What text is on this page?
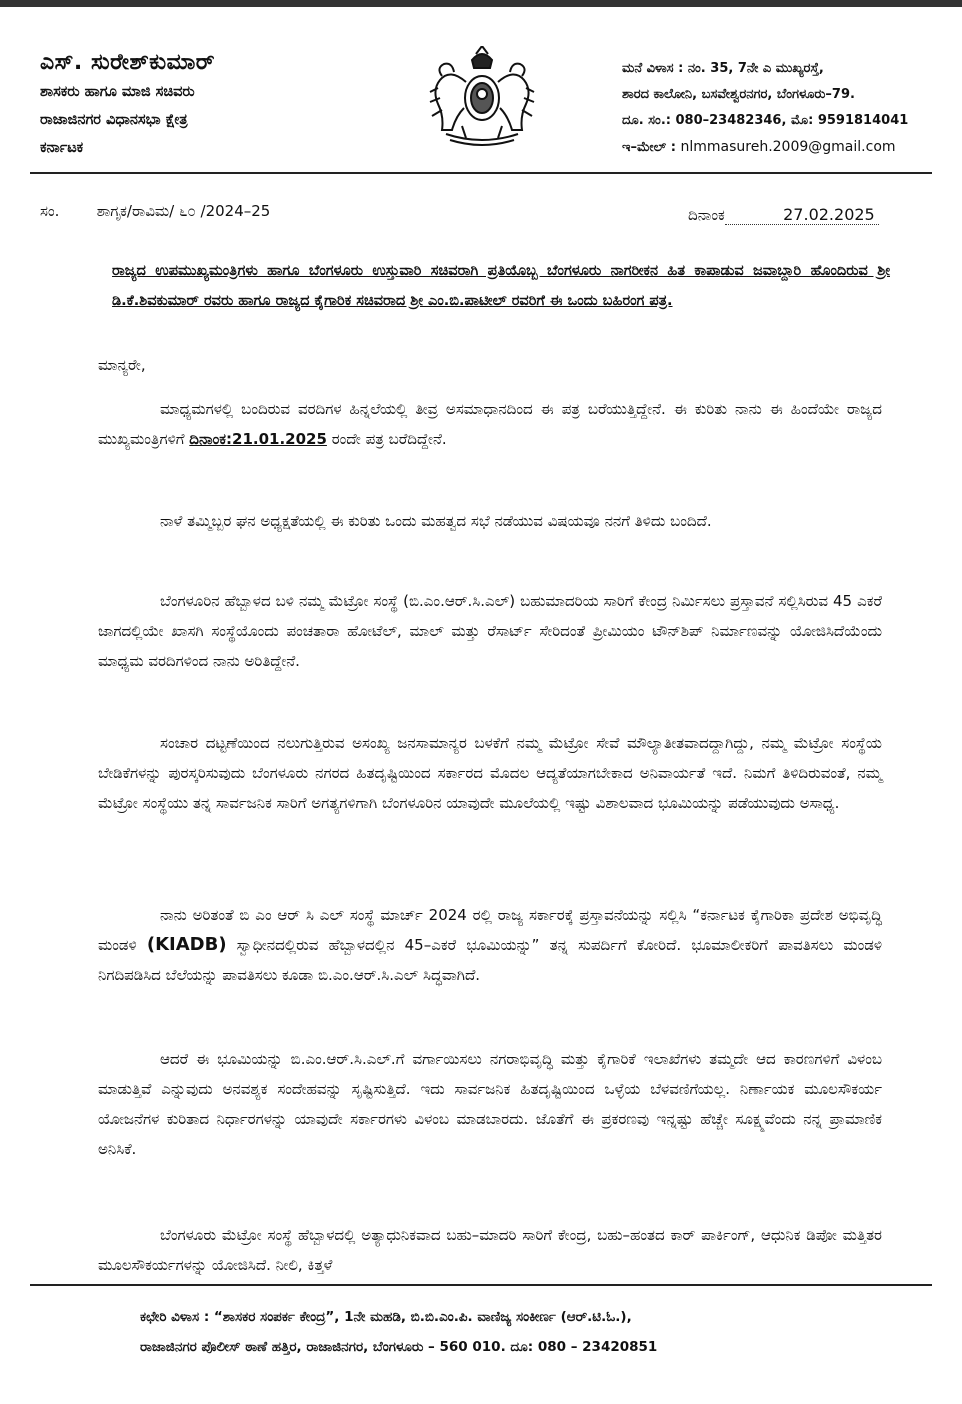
ಎಸ್. ಸುರೇಶ್‌ಕುಮಾರ್
ಶಾಸಕರು ಹಾಗೂ ಮಾಜಿ ಸಚಿವರು
ರಾಜಾಜಿನಗರ ವಿಧಾನಸಭಾ ಕ್ಷೇತ್ರ
ಕರ್ನಾಟಕ
ಮನೆ ವಿಳಾಸ : ನಂ. 35, 7ನೇ ಎ ಮುಖ್ಯರಸ್ತೆ,
ಶಾರದ ಕಾಲೋನಿ, ಬಸವೇಶ್ವರನಗರ, ಬೆಂಗಳೂರು–79.
ದೂ. ಸಂ.: 080–23482346, ಮೊ: 9591814041
ಇ–ಮೇಲ್ : nlmmasureh.2009@gmail.com
ಸಂ. ಶಾಗೃಕ/ರಾವಿಮ/ ೬೦ /2024–25	ದಿನಾಂಕ	27.02.2025
ರಾಜ್ಯದ ಉಪಮುಖ್ಯಮಂತ್ರಿಗಳು ಹಾಗೂ ಬೆಂಗಳೂರು ಉಸ್ತುವಾರಿ ಸಚಿವರಾಗಿ ಪ್ರತಿಯೊಬ್ಬ ಬೆಂಗಳೂರು ನಾಗರೀಕನ ಹಿತ ಕಾಪಾಡುವ ಜವಾಬ್ದಾರಿ ಹೊಂದಿರುವ ಶ್ರೀ ಡಿ.ಕೆ.ಶಿವಕುಮಾರ್ ರವರು ಹಾಗೂ ರಾಜ್ಯದ ಕೈಗಾರಿಕ ಸಚಿವರಾದ ಶ್ರೀ ಎಂ.ಬಿ.ಪಾಟೀಲ್ ರವರಿಗೆ ಈ ಒಂದು ಬಹಿರಂಗ ಪತ್ರ.
ಮಾನ್ಯರೇ,
ಮಾಧ್ಯಮಗಳಲ್ಲಿ ಬಂದಿರುವ ವರದಿಗಳ ಹಿನ್ನಲೆಯಲ್ಲಿ ತೀವ್ರ ಅಸಮಾಧಾನದಿಂದ ಈ ಪತ್ರ ಬರೆಯುತ್ತಿದ್ದೇನೆ. ಈ ಕುರಿತು ನಾನು ಈ ಹಿಂದೆಯೇ ರಾಜ್ಯದ ಮುಖ್ಯಮಂತ್ರಿಗಳಿಗೆ ದಿನಾಂಕ:21.01.2025 ರಂದೇ ಪತ್ರ ಬರೆದಿದ್ದೇನೆ.
ನಾಳೆ ತಮ್ಮಿಬ್ಬರ ಘನ ಅಧ್ಯಕ್ಷತೆಯಲ್ಲಿ ಈ ಕುರಿತು ಒಂದು ಮಹತ್ವದ ಸಭೆ ನಡೆಯುವ ವಿಷಯವೂ ನನಗೆ ತಿಳಿದು ಬಂದಿದೆ.
ಬೆಂಗಳೂರಿನ ಹೆಬ್ಬಾಳದ ಬಳಿ ನಮ್ಮ ಮೆಟ್ರೋ ಸಂಸ್ಥೆ (ಬಿ.ಎಂ.ಆರ್.ಸಿ.ಎಲ್) ಬಹುಮಾದರಿಯ ಸಾರಿಗೆ ಕೇಂದ್ರ ನಿರ್ಮಿಸಲು ಪ್ರಸ್ತಾವನೆ ಸಲ್ಲಿಸಿರುವ 45 ಎಕರೆ ಜಾಗದಲ್ಲಿಯೇ ಖಾಸಗಿ ಸಂಸ್ಥೆಯೊಂದು ಪಂಚತಾರಾ ಹೋಟೆಲ್, ಮಾಲ್ ಮತ್ತು ರೆಸಾರ್ಟ್ ಸೇರಿದಂತೆ ಪ್ರೀಮಿಯಂ ಟೌನ್‌ಶಿಪ್ ನಿರ್ಮಾಣವನ್ನು ಯೋಜಿಸಿದೆಯೆಂದು ಮಾಧ್ಯಮ ವರದಿಗಳಿಂದ ನಾನು ಅರಿತಿದ್ದೇನೆ.
ಸಂಚಾರ ದಟ್ಟಣೆಯಿಂದ ನಲುಗುತ್ತಿರುವ ಅಸಂಖ್ಯ ಜನಸಾಮಾನ್ಯರ ಬಳಕೆಗೆ ನಮ್ಮ ಮೆಟ್ರೋ ಸೇವೆ ಮೌಲ್ಯಾತೀತವಾದದ್ದಾಗಿದ್ದು, ನಮ್ಮ ಮೆಟ್ರೋ ಸಂಸ್ಥೆಯ ಬೇಡಿಕೆಗಳನ್ನು ಪುರಸ್ಕರಿಸುವುದು ಬೆಂಗಳೂರು ನಗರದ ಹಿತದೃಷ್ಟಿಯಿಂದ ಸರ್ಕಾರದ ಮೊದಲ ಆದ್ಯತೆಯಾಗಬೇಕಾದ ಅನಿವಾರ್ಯತೆ ಇದೆ. ನಿಮಗೆ ತಿಳಿದಿರುವಂತೆ, ನಮ್ಮ ಮೆಟ್ರೋ ಸಂಸ್ಥೆಯು ತನ್ನ ಸಾರ್ವಜನಿಕ ಸಾರಿಗೆ ಅಗತ್ಯಗಳಿಗಾಗಿ ಬೆಂಗಳೂರಿನ ಯಾವುದೇ ಮೂಲೆಯಲ್ಲಿ ಇಷ್ಟು ವಿಶಾಲವಾದ ಭೂಮಿಯನ್ನು ಪಡೆಯುವುದು ಅಸಾಧ್ಯ.
ನಾನು ಅರಿತಂತೆ ಬಿ ಎಂ ಆರ್ ಸಿ ಎಲ್ ಸಂಸ್ಥೆ ಮಾರ್ಚ್ 2024 ರಲ್ಲಿ ರಾಜ್ಯ ಸರ್ಕಾರಕ್ಕೆ ಪ್ರಸ್ತಾವನೆಯನ್ನು ಸಲ್ಲಿಸಿ “ಕರ್ನಾಟಕ ಕೈಗಾರಿಕಾ ಪ್ರದೇಶ ಅಭಿವೃದ್ಧಿ ಮಂಡಳಿ (KIADB) ಸ್ವಾಧೀನದಲ್ಲಿರುವ ಹೆಬ್ಬಾಳದಲ್ಲಿನ 45–ಎಕರೆ ಭೂಮಿಯನ್ನು” ತನ್ನ ಸುಪರ್ದಿಗೆ ಕೋರಿದೆ. ಭೂಮಾಲೀಕರಿಗೆ ಪಾವತಿಸಲು ಮಂಡಳಿ ನಿಗದಿಪಡಿಸಿದ ಬೆಲೆಯನ್ನು ಪಾವತಿಸಲು ಕೂಡಾ ಬಿ.ಎಂ.ಆರ್.ಸಿ.ಎಲ್ ಸಿದ್ಧವಾಗಿದೆ.
ಆದರೆ ಈ ಭೂಮಿಯನ್ನು ಬಿ.ಎಂ.ಆರ್.ಸಿ.ಎಲ್.ಗೆ ವರ್ಗಾಯಿಸಲು ನಗರಾಭಿವೃದ್ಧಿ ಮತ್ತು ಕೈಗಾರಿಕೆ ಇಲಾಖೆಗಳು ತಮ್ಮದೇ ಆದ ಕಾರಣಗಳಿಗೆ ವಿಳಂಬ ಮಾಡುತ್ತಿವೆ ಎನ್ನುವುದು ಅನವಶ್ಯಕ ಸಂದೇಹವನ್ನು ಸೃಷ್ಟಿಸುತ್ತಿದೆ. ಇದು ಸಾರ್ವಜನಿಕ ಹಿತದೃಷ್ಟಿಯಿಂದ ಒಳ್ಳೆಯ ಬೆಳವಣಿಗೆಯಲ್ಲ. ನಿರ್ಣಾಯಕ ಮೂಲಸೌಕರ್ಯ ಯೋಜನೆಗಳ ಕುರಿತಾದ ನಿರ್ಧಾರಗಳನ್ನು ಯಾವುದೇ ಸರ್ಕಾರಗಳು ವಿಳಂಬ ಮಾಡಬಾರದು. ಜೊತೆಗೆ ಈ ಪ್ರಕರಣವು ಇನ್ನಷ್ಟು ಹೆಚ್ಚೇ ಸೂಕ್ಷ್ಮವೆಂದು ನನ್ನ ಪ್ರಾಮಾಣಿಕ ಅನಿಸಿಕೆ.
ಬೆಂಗಳೂರು ಮೆಟ್ರೋ ಸಂಸ್ಥೆ ಹೆಬ್ಬಾಳದಲ್ಲಿ ಅತ್ಯಾಧುನಿಕವಾದ ಬಹು–ಮಾದರಿ ಸಾರಿಗೆ ಕೇಂದ್ರ, ಬಹು–ಹಂತದ ಕಾರ್ ಪಾರ್ಕಿಂಗ್, ಆಧುನಿಕ ಡಿಪೋ ಮತ್ತಿತರ ಮೂಲಸೌಕರ್ಯಗಳನ್ನು ಯೋಜಿಸಿದೆ. ನೀಲಿ, ಕಿತ್ತಳೆ
ಕಛೇರಿ ವಿಳಾಸ : “ಶಾಸಕರ ಸಂಪರ್ಕ ಕೇಂದ್ರ”, 1ನೇ ಮಹಡಿ, ಬಿ.ಬಿ.ಎಂ.ಪಿ. ವಾಣಿಜ್ಯ ಸಂಕೀರ್ಣ (ಆರ್.ಟಿ.ಓ.),
ರಾಜಾಜಿನಗರ ಪೊಲೀಸ್ ಠಾಣೆ ಹತ್ತಿರ, ರಾಜಾಜಿನಗರ, ಬೆಂಗಳೂರು – 560 010. ದೂ: 080 – 23420851
